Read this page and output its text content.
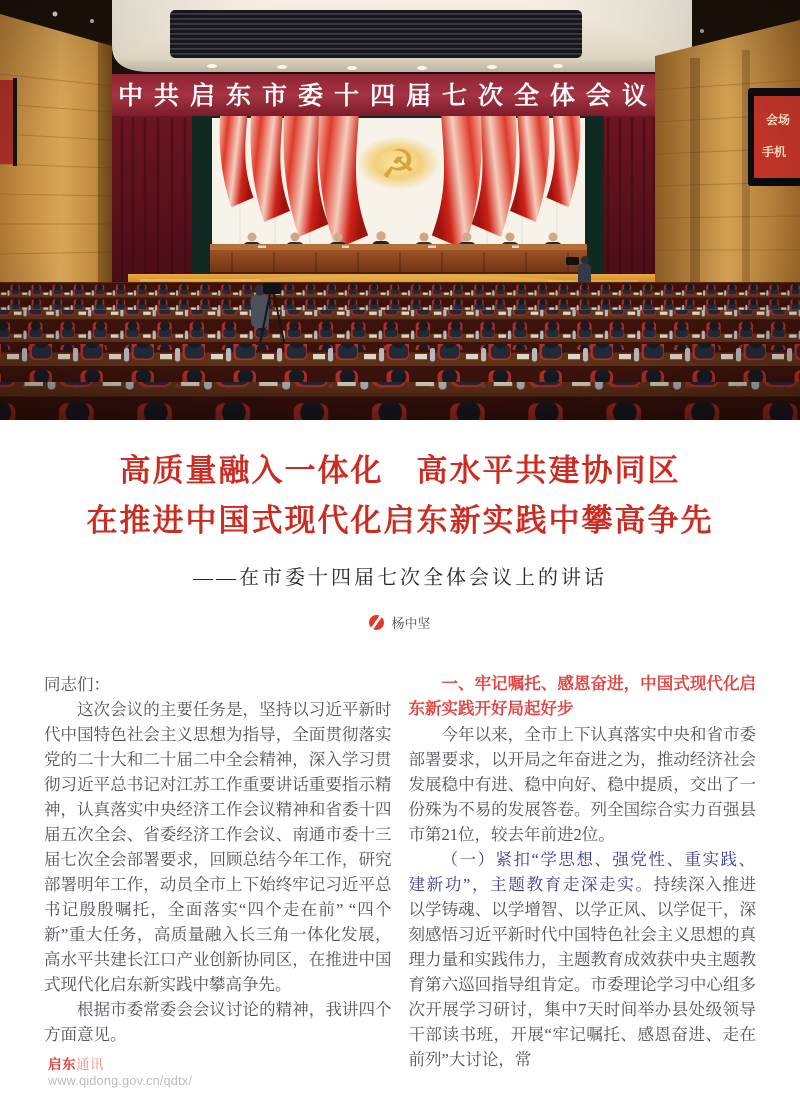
高质量融入一体化　高水平共建协同区
在推进中国式现代化启东新实践中攀高争先

——在市委十四届七次全体会议上的讲话

杨中坚

同志们：

这次会议的主要任务是，坚持以习近平新时代中国特色社会主义思想为指导，全面贯彻落实党的二十大和二十届二中全会精神，深入学习贯彻习近平总书记对江苏工作重要讲话重要指示精神，认真落实中央经济工作会议精神和省委十四届五次全会、省委经济工作会议、南通市委十三届七次全会部署要求，回顾总结今年工作，研究部署明年工作，动员全市上下始终牢记习近平总书记殷殷嘱托，全面落实“四个走在前” “四个新”重大任务，高质量融入长三角一体化发展，高水平共建长江口产业创新协同区，在推进中国式现代化启东新实践中攀高争先。

根据市委常委会会议讨论的精神，我讲四个方面意见。

一、牢记嘱托、感恩奋进，中国式现代化启东新实践开好局起好步

今年以来，全市上下认真落实中央和省市委部署要求，以开局之年奋进之为，推动经济社会发展稳中有进、稳中向好、稳中提质，交出了一份殊为不易的发展答卷。列全国综合实力百强县市第21位，较去年前进2位。

（一）紧扣“学思想、强党性、重实践、建新功”，主题教育走深走实。持续深入推进以学铸魂、以学增智、以学正风、以学促干，深刻感悟习近平新时代中国特色社会主义思想的真理力量和实践伟力，主题教育成效获中央主题教育第六巡回指导组肯定。市委理论学习中心组多次开展学习研讨，集中7天时间举办县处级领导干部读书班，开展“牢记嘱托、感恩奋进、走在前列”大讨论，常

启东通讯
www.qidong.gov.cn/qdtx/
